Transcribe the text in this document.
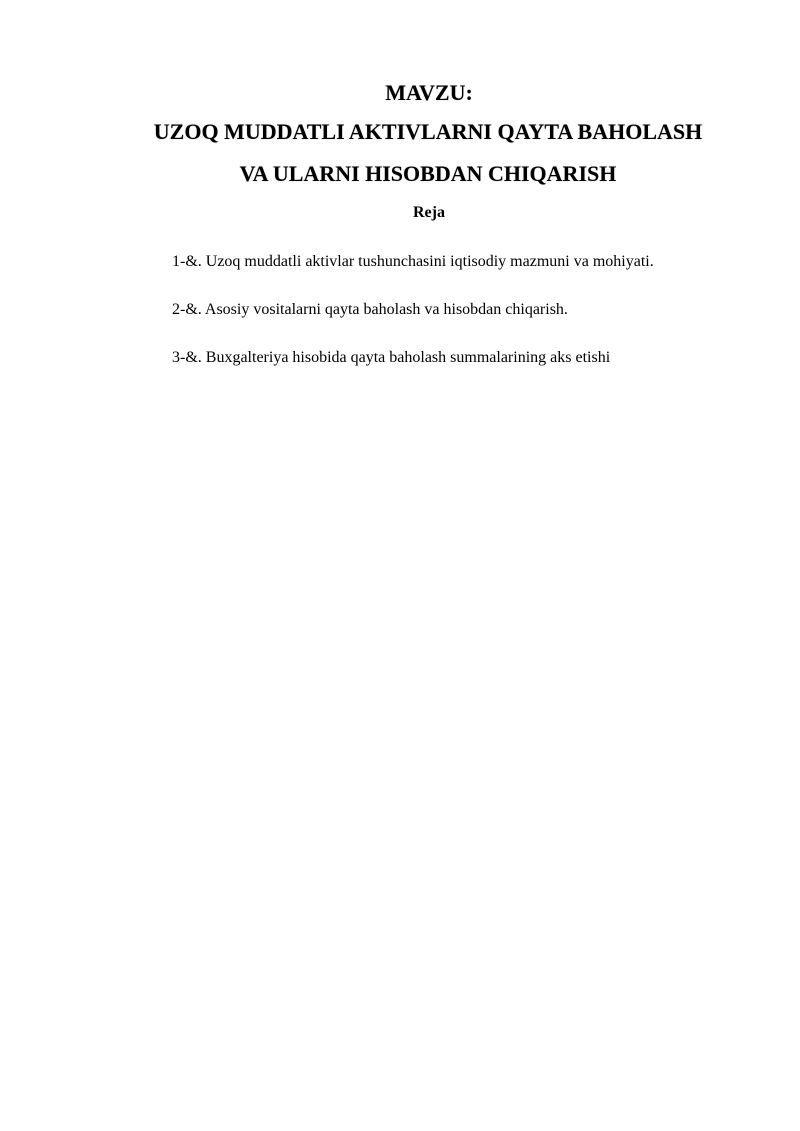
MAVZU:
UZOQ MUDDATLI AKTIVLARNI QAYTA BAHOLASH
VA ULARNI HISOBDAN CHIQARISH
Reja
1-&. Uzoq muddatli aktivlar tushunchasini iqtisodiy mazmuni va mohiyati.
2-&. Asosiy vositalarni qayta baholash va hisobdan chiqarish.
3-&. Buxgalteriya hisobida qayta baholash summalarining aks etishi
